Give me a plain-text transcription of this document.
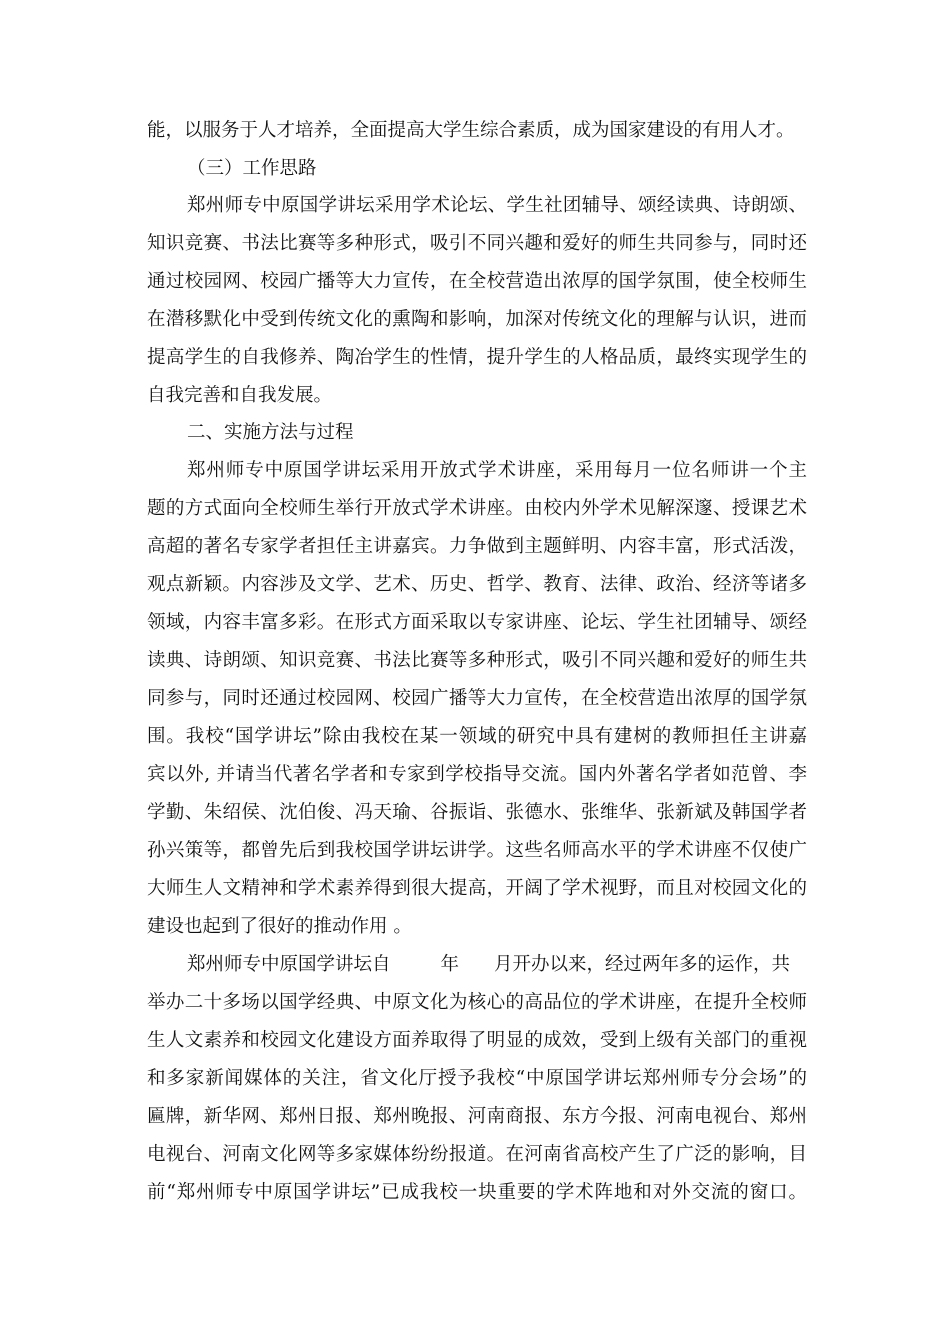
能，以服务于人才培养，全面提高大学生综合素质，成为国家建设的有用人才。
（三）工作思路
郑州师专中原国学讲坛采用学术论坛、学生社团辅导、颂经读典、诗朗颂、
知识竞赛、书法比赛等多种形式，吸引不同兴趣和爱好的师生共同参与，同时还
通过校园网、校园广播等大力宣传，在全校营造出浓厚的国学氛围，使全校师生
在潜移默化中受到传统文化的熏陶和影响，加深对传统文化的理解与认识，进而
提高学生的自我修养、陶冶学生的性情，提升学生的人格品质，最终实现学生的
自我完善和自我发展。
二、实施方法与过程
郑州师专中原国学讲坛采用开放式学术讲座，采用每月一位名师讲一个主
题的方式面向全校师生举行开放式学术讲座。由校内外学术见解深邃、授课艺术
高超的著名专家学者担任主讲嘉宾。力争做到主题鲜明、内容丰富，形式活泼，
观点新颖。内容涉及文学、艺术、历史、哲学、教育、法律、政治、经济等诸多
领域，内容丰富多彩。在形式方面采取以专家讲座、论坛、学生社团辅导、颂经
读典、诗朗颂、知识竞赛、书法比赛等多种形式，吸引不同兴趣和爱好的师生共
同参与，同时还通过校园网、校园广播等大力宣传，在全校营造出浓厚的国学氛
围。我校“国学讲坛”除由我校在某一领域的研究中具有建树的教师担任主讲嘉
宾以外, 并请当代著名学者和专家到学校指导交流。国内外著名学者如范曾、李
学勤、朱绍侯、沈伯俊、冯天瑜、谷振诣、张德水、张维华、张新斌及韩国学者
孙兴策等，都曾先后到我校国学讲坛讲学。这些名师高水平的学术讲座不仅使广
大师生人文精神和学术素养得到很大提高，开阔了学术视野，而且对校园文化的
建设也起到了很好的推动作用 。
郑州师专中原国学讲坛自	年 月开办以来，经过两年多的运作，共
举办二十多场以国学经典、中原文化为核心的高品位的学术讲座，在提升全校师
生人文素养和校园文化建设方面养取得了明显的成效，受到上级有关部门的重视
和多家新闻媒体的关注，省文化厅授予我校“中原国学讲坛郑州师专分会场”的
匾牌，新华网、郑州日报、郑州晚报、河南商报、东方今报、河南电视台、郑州
电视台、河南文化网等多家媒体纷纷报道。在河南省高校产生了广泛的影响，目
前“郑州师专中原国学讲坛”已成我校一块重要的学术阵地和对外交流的窗口。
